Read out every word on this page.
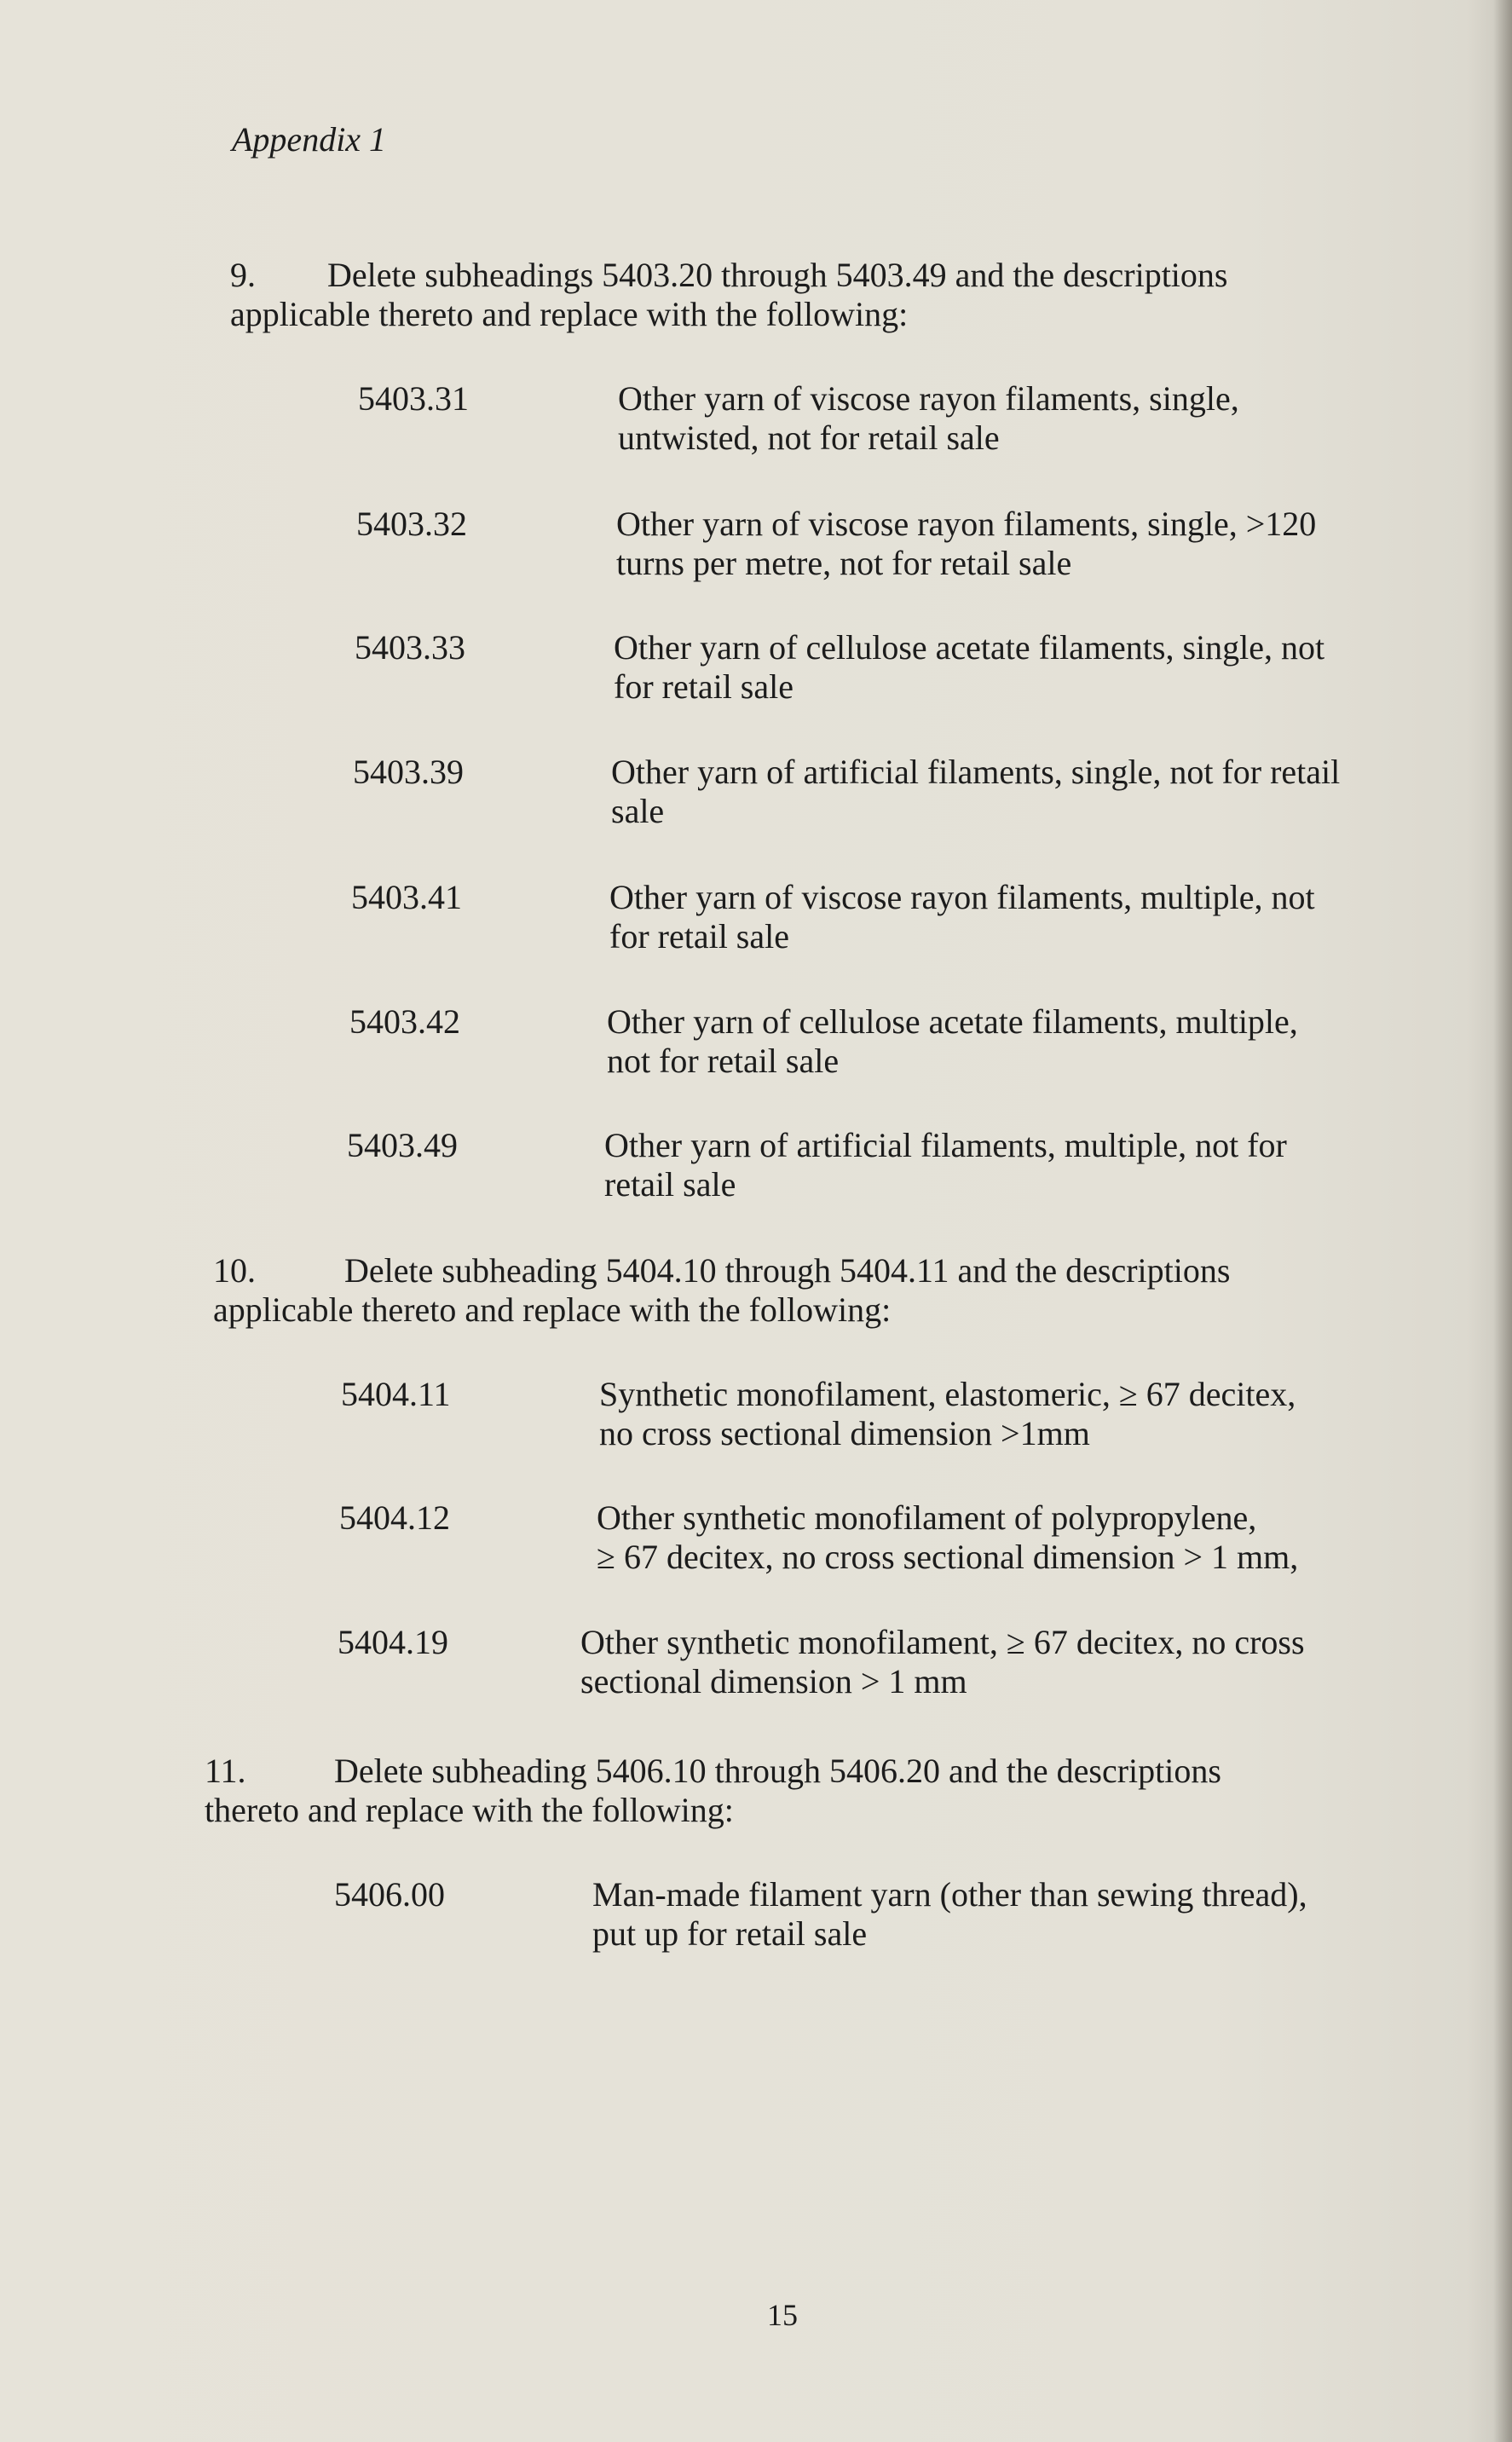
Appendix 1
9. Delete subheadings 5403.20 through 5403.49 and the descriptions
applicable thereto and replace with the following:
5403.31	Other yarn of viscose rayon filaments, single,
untwisted, not for retail sale
5403.32	Other yarn of viscose rayon filaments, single, >120
turns per metre, not for retail sale
5403.33	Other yarn of cellulose acetate filaments, single, not
for retail sale
5403.39	Other yarn of artificial filaments, single, not for retail
sale
5403.41	Other yarn of viscose rayon filaments, multiple, not
for retail sale
5403.42	Other yarn of cellulose acetate filaments, multiple,
not for retail sale
5403.49	Other yarn of artificial filaments, multiple, not for
retail sale
10.	Delete subheading 5404.10 through 5404.11 and the descriptions
applicable thereto and replace with the following:
5404.11	Synthetic monofilament, elastomeric, ≥ 67 decitex,
no cross sectional dimension >1mm
5404.12	Other synthetic monofilament of polypropylene,
≥ 67 decitex, no cross sectional dimension > 1 mm,
5404.19	Other synthetic monofilament, ≥ 67 decitex, no cross
sectional dimension > 1 mm
11.	Delete subheading 5406.10 through 5406.20 and the descriptions
thereto and replace with the following:
5406.00	Man-made filament yarn (other than sewing thread),
put up for retail sale
15
